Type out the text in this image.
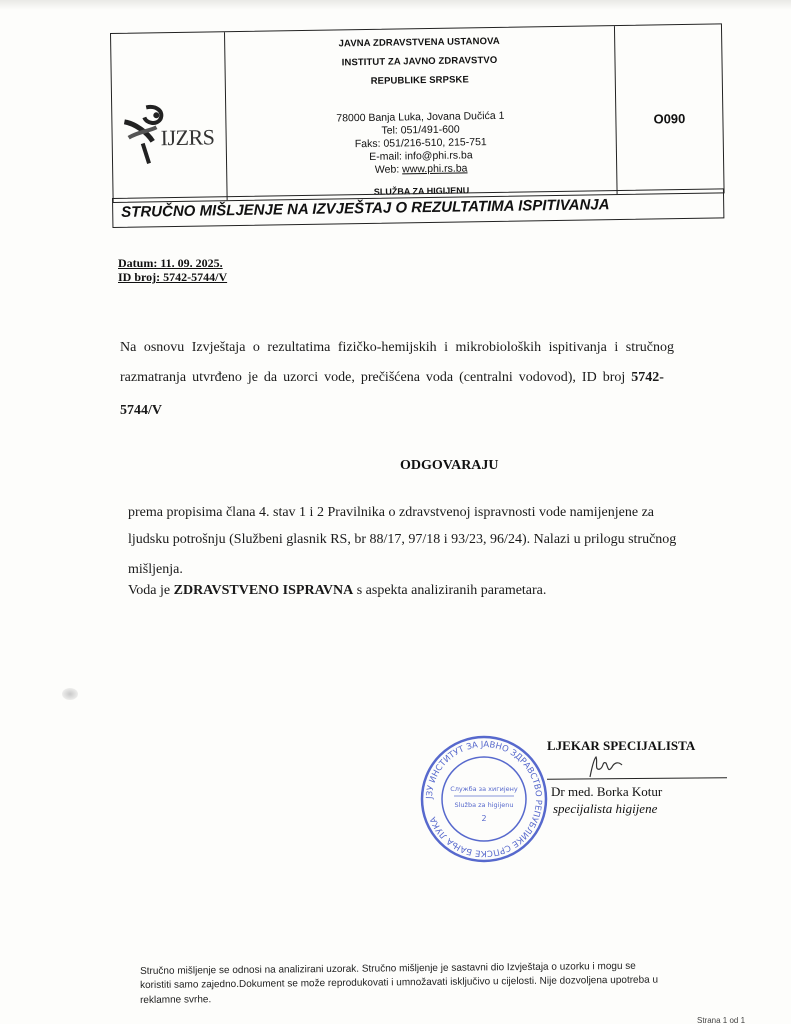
IJZRS
JAVNA ZDRAVSTVENA USTANOVA
INSTITUT ZA JAVNO ZDRAVSTVO
REPUBLIKE SRPSKE
78000 Banja Luka, Jovana Dučića 1
Tel: 051/491-600
Faks: 051/216-510, 215-751
E-mail: info@phi.rs.ba
Web: www.phi.rs.ba
SLUŽBA ZA HIGIJENU
O090
STRUČNO MIŠLJENJE NA IZVJEŠTAJ O REZULTATIMA ISPITIVANJA
Datum: 11. 09. 2025.
ID broj: 5742-5744/V
Na osnovu Izvještaja o rezultatima fizičko-hemijskih i mikrobioloških ispitivanja i stručnog
razmatranja utvrđeno je da uzorci vode, prečišćena voda (centralni vodovod), ID broj 5742-
5744/V
ODGOVARAJU
prema propisima člana 4. stav 1 i 2 Pravilnika o zdravstvenoj ispravnosti vode namijenjene za
ljudsku potrošnju (Službeni glasnik RS, br 88/17, 97/18 i 93/23, 96/24). Nalazi u prilogu stručnog
mišljenja.
Voda je ZDRAVSTVENO ISPRAVNA s aspekta analiziranih parametara.
ЈЗУ ИНСТИТУТ ЗА ЈАВНО ЗДРАВСТВО РЕПУБЛИКЕ СРПСКЕ БАЊА ЛУКА
Служба за хигијену
Služba za higijenu
2
LJEKAR SPECIJALISTA
Dr med. Borka Kotur
specijalista higijene
Stručno mišljenje se odnosi na analizirani uzorak. Stručno mišljenje je sastavni dio Izvještaja o uzorku i mogu se
koristiti samo zajedno.Dokument se može reprodukovati i umnožavati isključivo u cijelosti. Nije dozvoljena upotreba u
reklamne svrhe.
Strana 1 od 1
